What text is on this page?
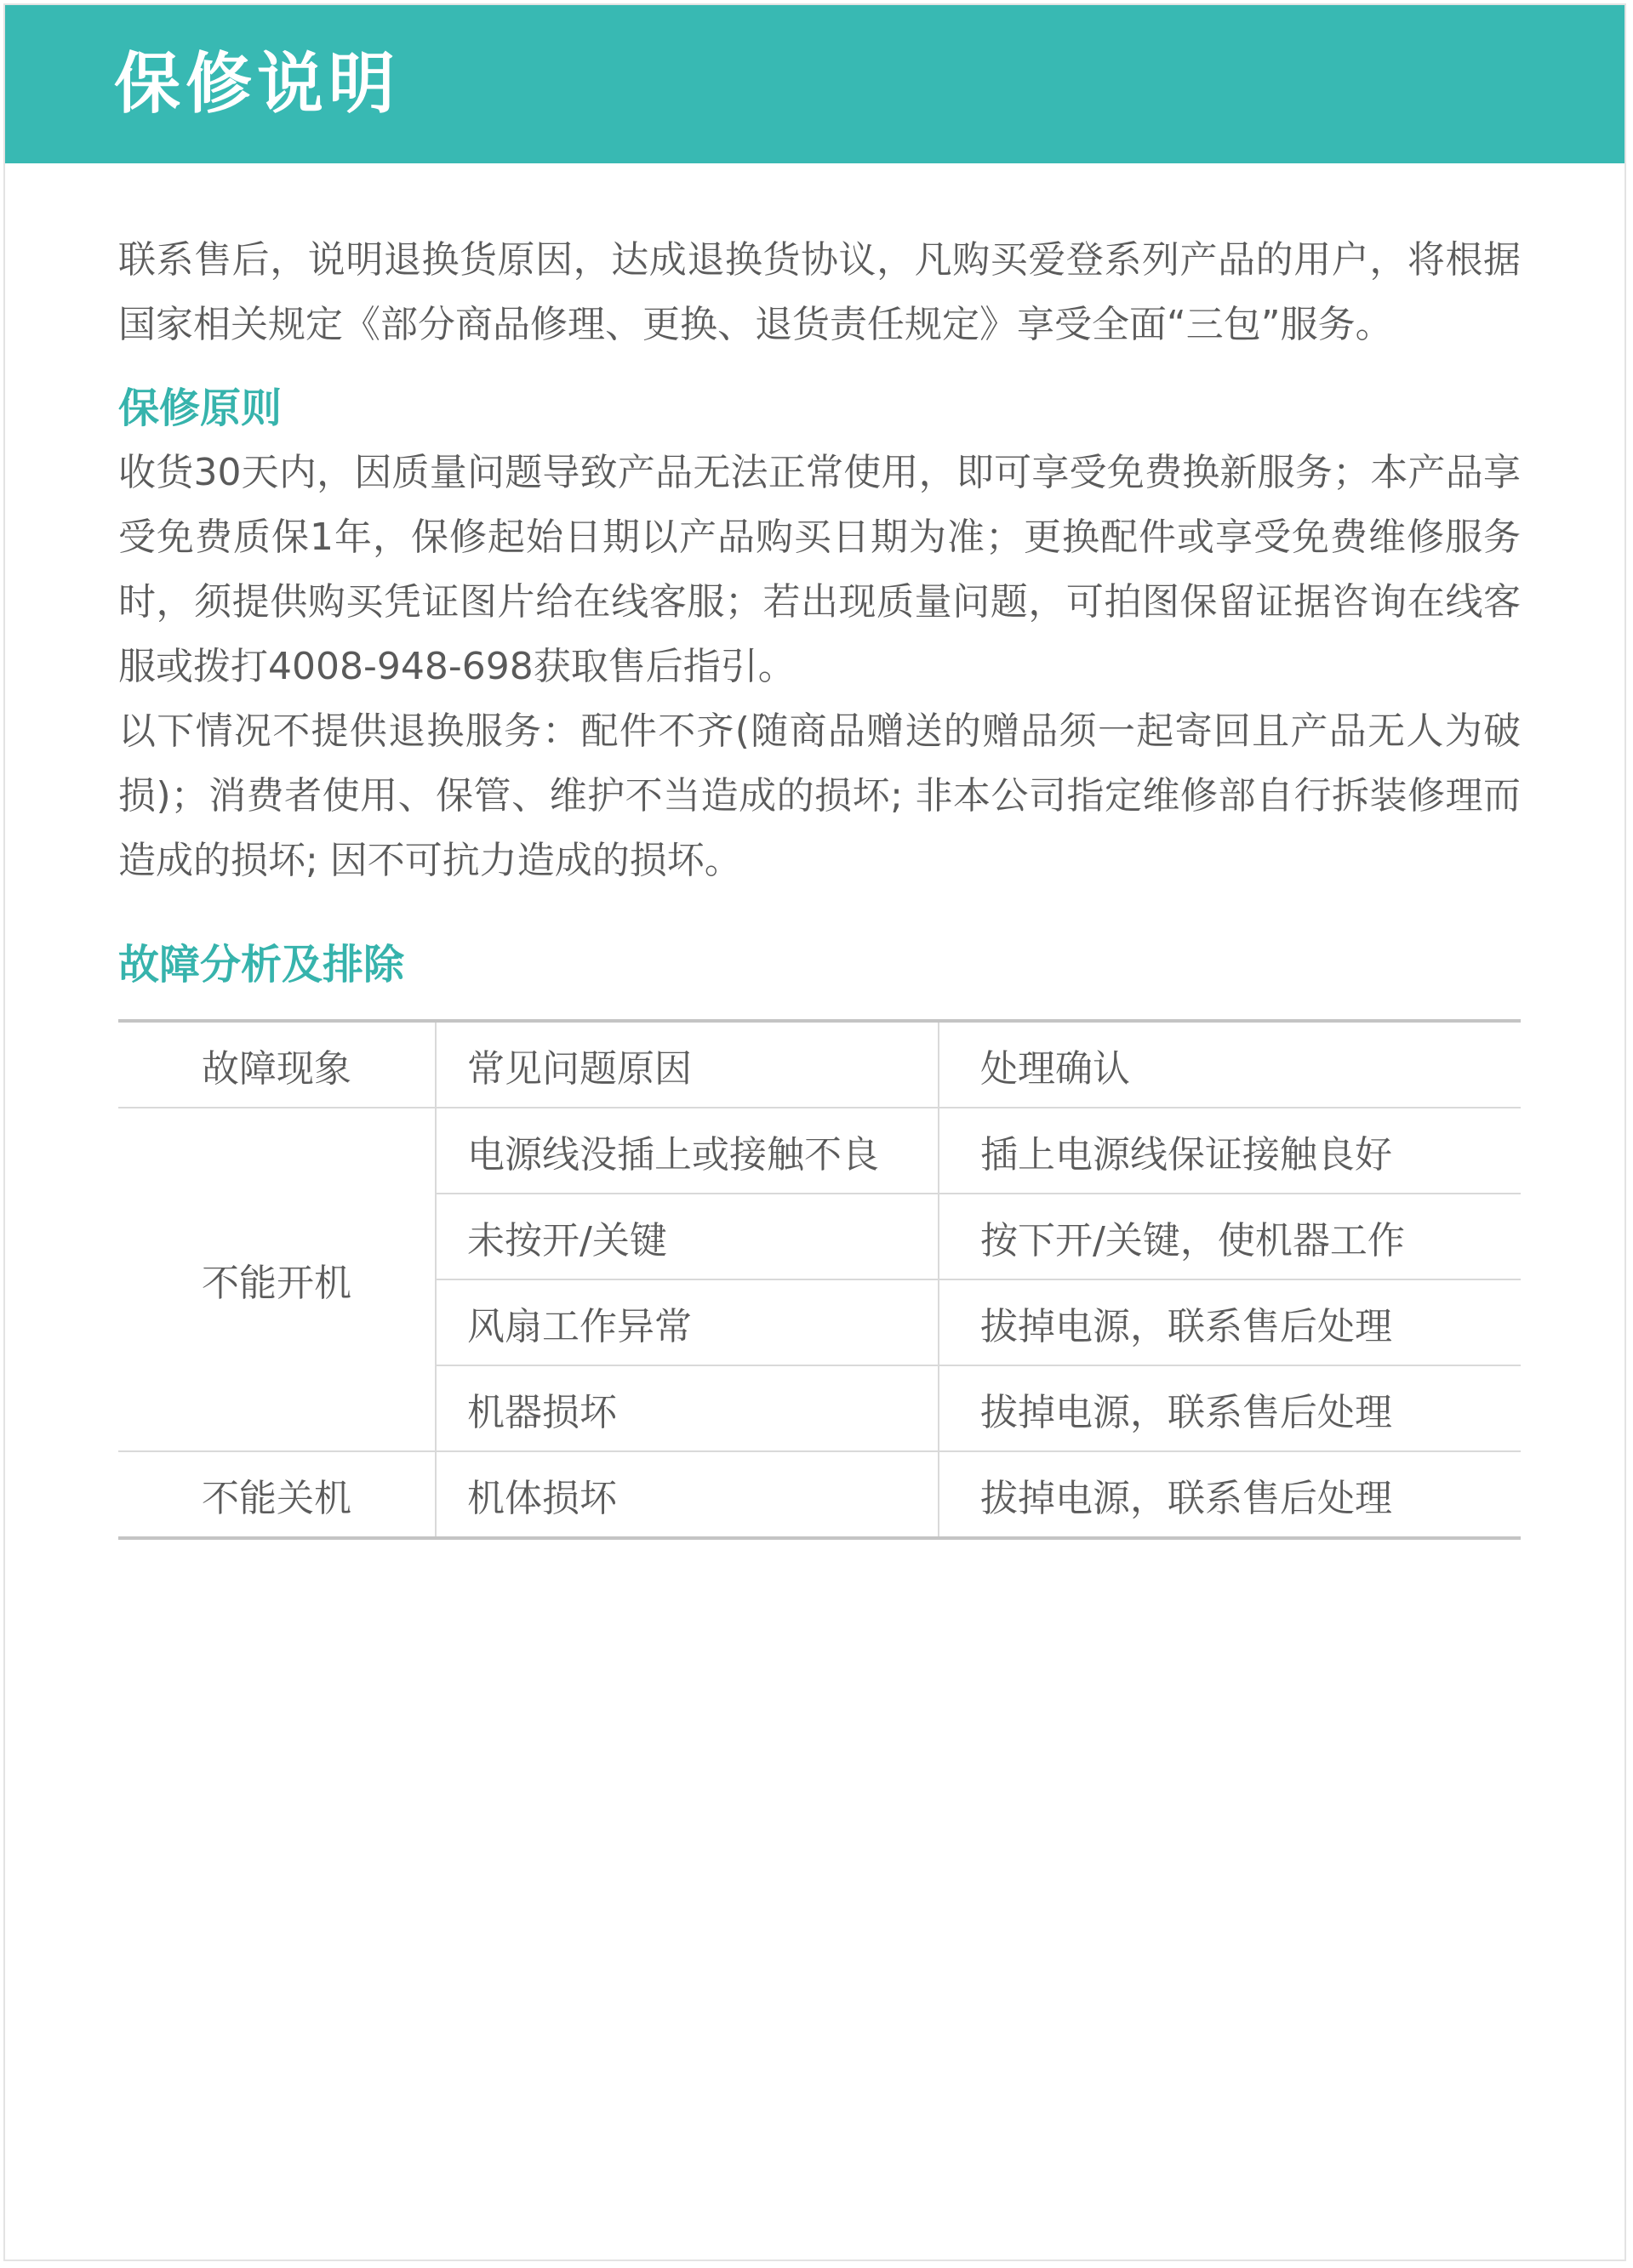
保修说明

联系售后，说明退换货原因，达成退换货协议，凡购买爱登系列产品的用户，将根据国家相关规定《部分商品修理、更换、退货责任规定》享受全面“三包”服务。

保修原则

收货30天内，因质量问题导致产品无法正常使用，即可享受免费换新服务；本产品享受免费质保1年，保修起始日期以产品购买日期为准；更换配件或享受免费维修服务时，须提供购买凭证图片给在线客服；若出现质量问题，可拍图保留证据咨询在线客服或拨打4008-948-698获取售后指引。

以下情况不提供退换服务：配件不齐(随商品赠送的赠品须一起寄回且产品无人为破损)；消费者使用、保管、维护不当造成的损坏; 非本公司指定维修部自行拆装修理而造成的损坏; 因不可抗力造成的损坏。

故障分析及排除
故障现象	常见问题原因	处理确认
不能开机	电源线没插上或接触不良	插上电源线保证接触良好
	未按开/关键	按下开/关键，使机器工作
	风扇工作异常	拔掉电源，联系售后处理
	机器损坏	拔掉电源，联系售后处理
不能关机	机体损坏	拔掉电源，联系售后处理
